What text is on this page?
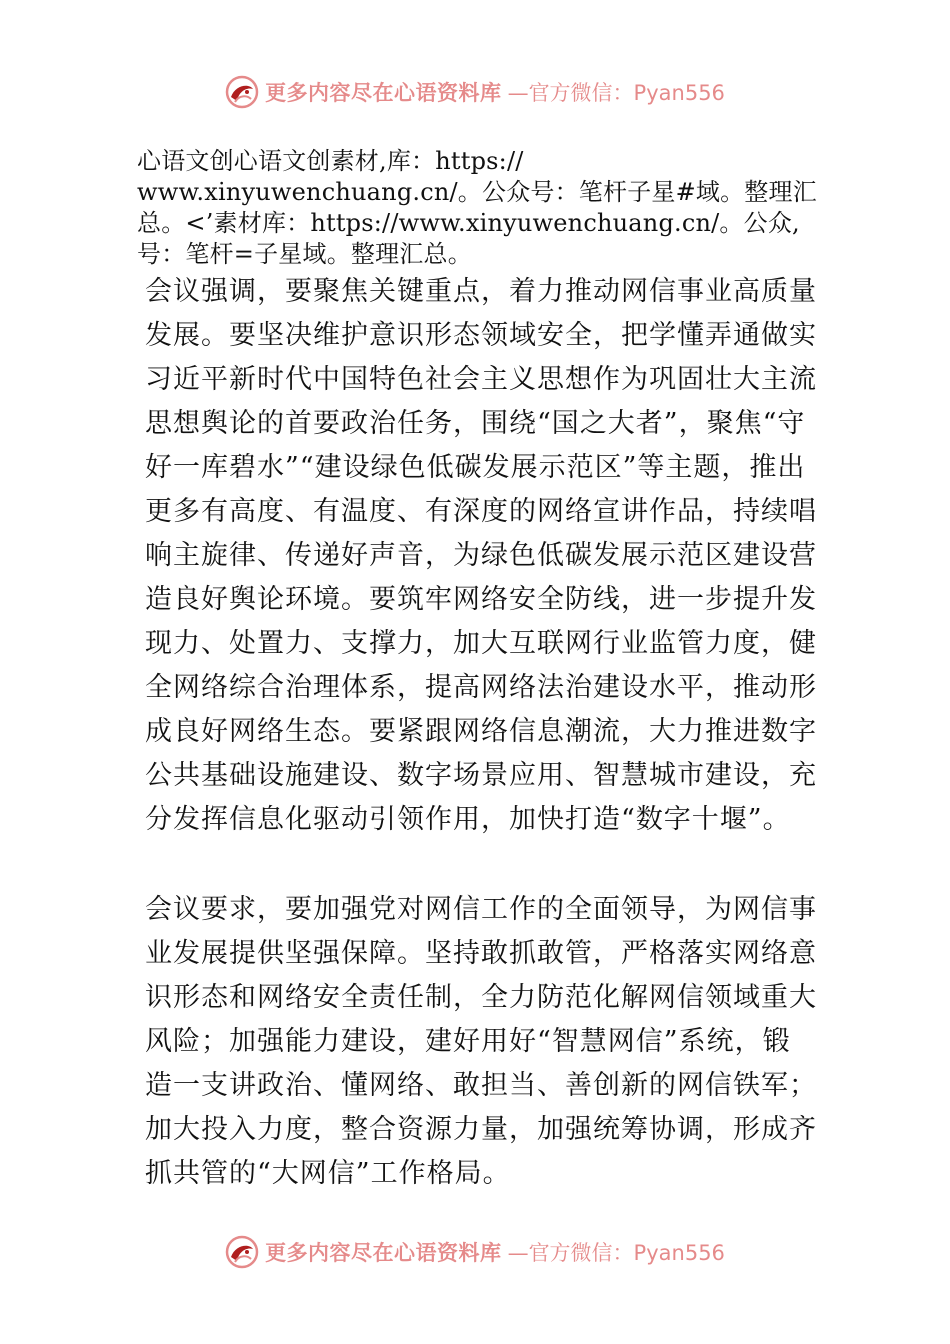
更多内容尽在心语资料库 —官方微信：Pyan556
心语文创心语文创素材,库：https://
www.xinyuwenchuang.cn/。公众号：笔杆子星#域。整理汇
总。<’素材库：https://www.xinyuwenchuang.cn/。公众,
号：笔杆=子星域。整理汇总。
会议强调，要聚焦关键重点，着力推动网信事业高质量
发展。要坚决维护意识形态领域安全，把学懂弄通做实
习近平新时代中国特色社会主义思想作为巩固壮大主流
思想舆论的首要政治任务，围绕“国之大者”，聚焦“守
好一库碧水”“建设绿色低碳发展示范区”等主题，推出
更多有高度、有温度、有深度的网络宣讲作品，持续唱
响主旋律、传递好声音，为绿色低碳发展示范区建设营
造良好舆论环境。要筑牢网络安全防线，进一步提升发
现力、处置力、支撑力，加大互联网行业监管力度，健
全网络综合治理体系，提高网络法治建设水平，推动形
成良好网络生态。要紧跟网络信息潮流，大力推进数字
公共基础设施建设、数字场景应用、智慧城市建设，充
分发挥信息化驱动引领作用，加快打造“数字十堰”。
会议要求，要加强党对网信工作的全面领导，为网信事
业发展提供坚强保障。坚持敢抓敢管，严格落实网络意
识形态和网络安全责任制，全力防范化解网信领域重大
风险；加强能力建设，建好用好“智慧网信”系统，锻
造一支讲政治、懂网络、敢担当、善创新的网信铁军；
加大投入力度，整合资源力量，加强统筹协调，形成齐
抓共管的“大网信”工作格局。
更多内容尽在心语资料库 —官方微信：Pyan556
